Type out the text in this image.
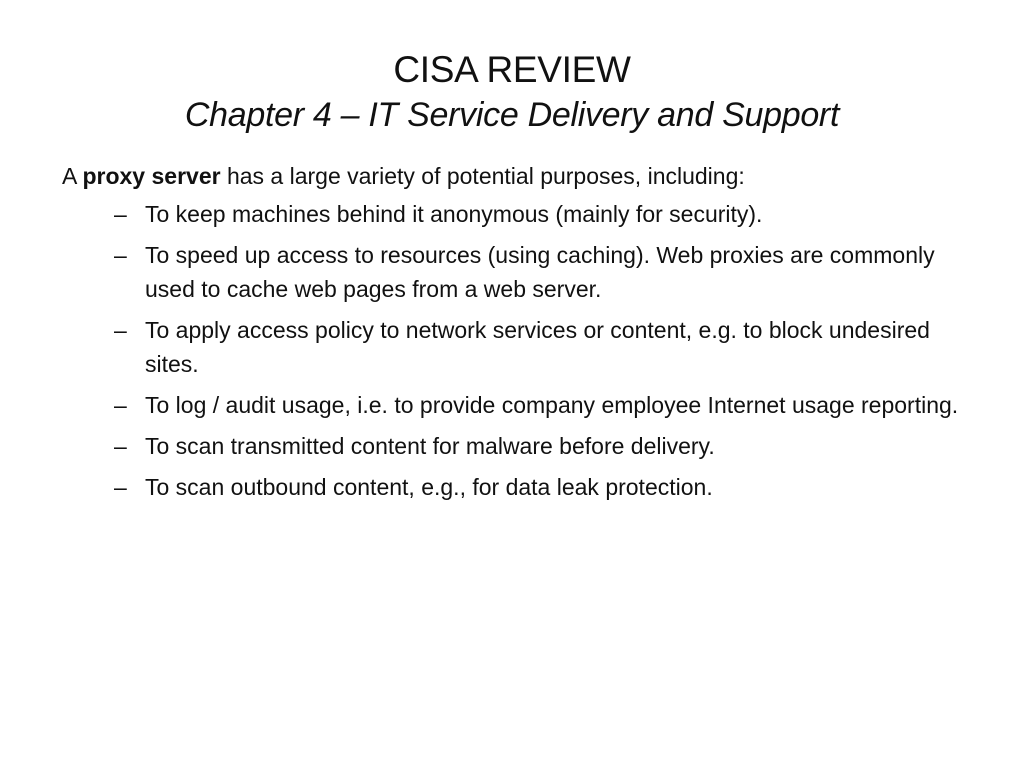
CISA REVIEW
Chapter 4 – IT Service Delivery and Support

A proxy server has a large variety of potential purposes, including:

– To keep machines behind it anonymous (mainly for security).
– To speed up access to resources (using caching). Web proxies are commonly used to cache web pages from a web server.
– To apply access policy to network services or content, e.g. to block undesired sites.
– To log / audit usage, i.e. to provide company employee Internet usage reporting.
– To scan transmitted content for malware before delivery.
– To scan outbound content, e.g., for data leak protection.
